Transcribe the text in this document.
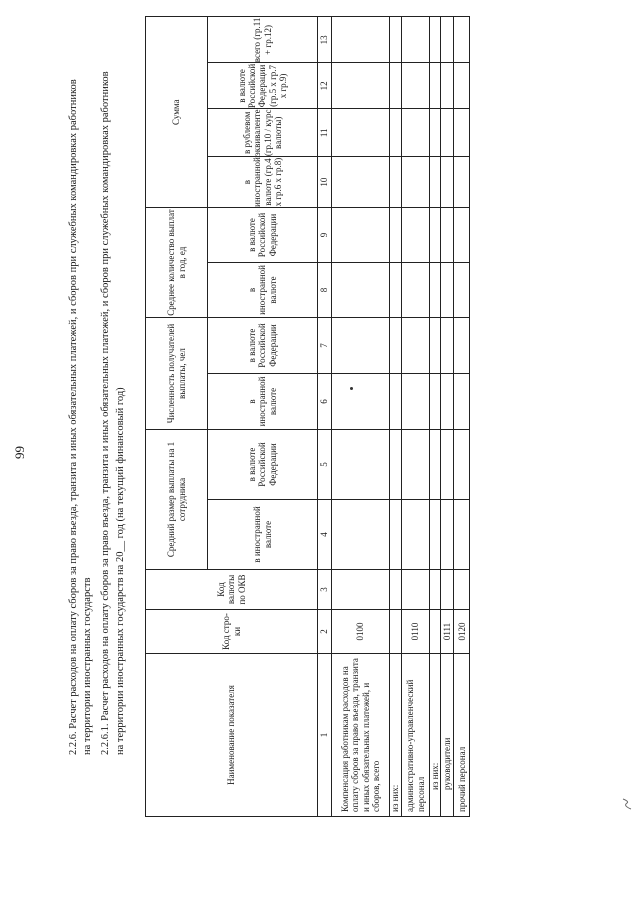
99	2.2.6. Расчет расходов на оплату сборов за право въезда, транзита и иных обязательных платежей, и сборов при служебных командировках работников на территории иностранных государств 2.2.6.1. Расчет расходов на оплату сборов за право въезда, транзита и иных обязательных платежей, и сборов при служебных командировках работников на территории иностранных государств на 20__ год (на текущий финансовый год)	Наименование показателя	Код стро-ки	Код валюты по ОКВ	Средний размер выплаты на 1 сотрудника		Численность получателей выплаты, чел		Среднее количество выплат в год, ед		Сумма			
			в иностранной валюте	в валюте Российской Федерации	в иностранной валюте	в валюте Российской Федерации	в иностранной валюте	в валюте Российской Федерации	в иностранной валюте (гр.4 х гр.6 х гр.8)	в рублевом эквиваленте (гр.10 / курс валюты)	в валюте Российской Федерации (гр.5 х гр.7 х гр.9)	всего (гр.11 + гр.12)
1	2	3	4	5	6	7	8	9	10	11	12	13
Компенсация работникам расходов на оплату сборов за право въезда, транзита и иных обязательных платежей, и сборов, всего	0100											
из них:												
административно-управленческий персонал	0110											
из них:												
руководители	0111											
прочий персонал	0120											
